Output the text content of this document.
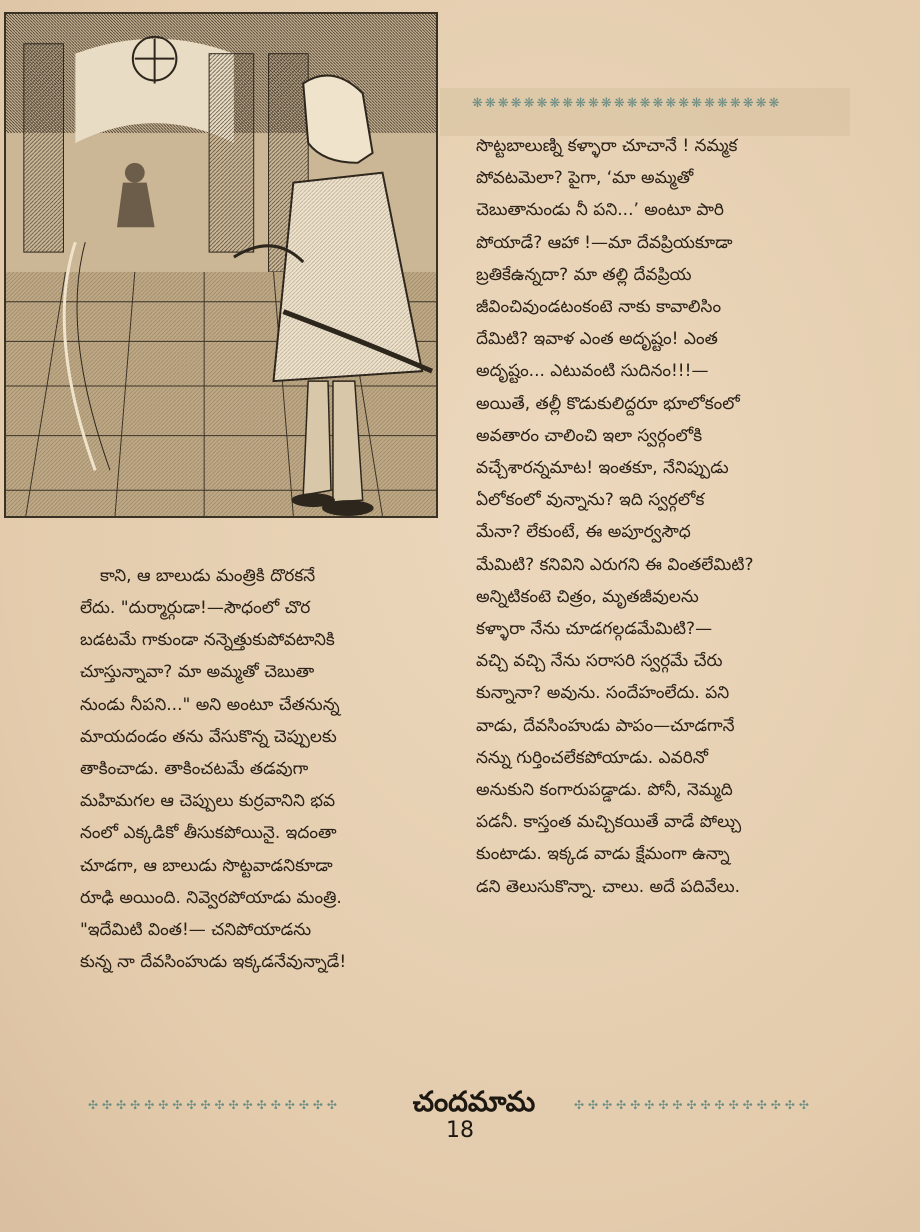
❋❋❋❋❋❋❋❋❋❋❋❋❋❋❋❋❋❋❋❋❋❋❋❋

సొట్టబాలుణ్ని కళ్ళారా చూచానే ! నమ్మక

పోవటమెలా? పైగా, ‘మా అమ్మతో

చెబుతానుండు నీ పని...’ అంటూ పారి

పోయాడే? ఆహా !—మా దేవప్రియకూడా

బ్రతికేఉన్నదా? మా తల్లి దేవప్రియ

జీవించివుండటంకంటె నాకు కావాలిసిం

దేమిటి? ఇవాళ ఎంత అదృష్టం! ఎంత

అదృష్టం... ఎటువంటి సుదినం!!!—

అయితే, తల్లీ కొడుకులిద్దరూ భూలోకంలో

అవతారం చాలించి ఇలా స్వర్గంలోకి

వచ్చేశారన్నమాట! ఇంతకూ, నేనిప్పుడు

ఏలోకంలో వున్నాను? ఇది స్వర్గలోక

మేనా? లేకుంటే, ఈ అపూర్వసౌధ

మేమిటి? కనివిని ఎరుగని ఈ వింతలేమిటి?

అన్నిటికంటె చిత్రం, మృతజీవులను

కళ్ళారా నేను చూడగల్గడమేమిటి?—

వచ్చి వచ్చి నేను సరాసరి స్వర్గమే చేరు

కున్నానా? అవును. సందేహంలేదు. పని

వాడు, దేవసింహుడు పాపం—చూడగానే

నన్ను గుర్తించలేకపోయాడు. ఎవరినో

అనుకుని కంగారుపడ్డాడు. పోనీ, నెమ్మది

పడనీ. కాస్తంత మచ్చికయితే వాడే పోల్చు

కుంటాడు. ఇక్కడ వాడు క్షేమంగా ఉన్నా

డని తెలుసుకొన్నా. చాలు. అదే పదివేలు.

కాని, ఆ బాలుడు మంత్రికి దొరకనే

లేదు. "దుర్మార్గుడా!—సౌధంలో చొర

బడటమే గాకుండా నన్నెత్తుకుపోవటానికి

చూస్తున్నావా? మా అమ్మతో చెబుతా

నుండు నీపని..." అని అంటూ చేతనున్న

మాయదండం తను వేసుకొన్న చెప్పులకు

తాకించాడు. తాకించటమే తడవుగా

మహిమగల ఆ చెప్పులు కుర్రవానిని భవ

నంలో ఎక్కడికో తీసుకపోయినై. ఇదంతా

చూడగా, ఆ బాలుడు సొట్టవాడనికూడా

రూఢి అయింది. నివ్వెరపోయాడు మంత్రి.

"ఇదేమిటి వింత!— చనిపోయాడను

కున్న నా దేవసింహుడు ఇక్కడనేవున్నాడే!

✣✣✣✣✣✣✣✣✣✣✣✣✣✣✣✣✣✣	చందమామ	✣✣✣✣✣✣✣✣✣✣✣✣✣✣✣✣✣
18
